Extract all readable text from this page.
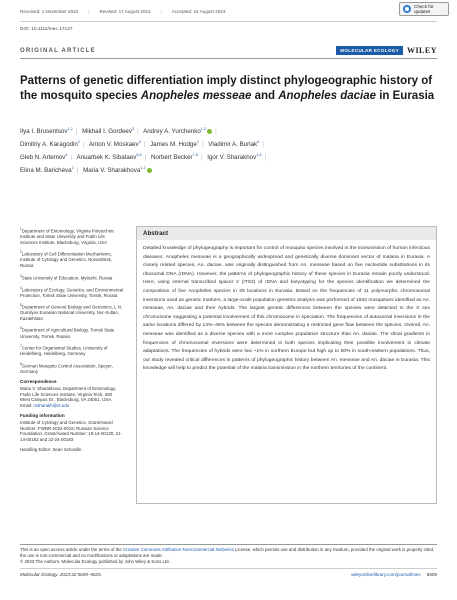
Received: 1 November 2022 | Revised: 17 August 2023 | Accepted: 24 August 2023
Check for updates
DOI: 10.1111/mec.17127
ORIGINAL ARTICLE	MOLECULAR ECOLOGY	WILEY
Patterns of genetic differentiation imply distinct phylogeographic history of the mosquito species Anopheles messeae and Anopheles daciae in Eurasia
Ilya I. Brusentsov$^{1,2}$ | Mikhail I. Gordeev$^3$ | Andrey A. Yurchenko$^{1,2}$ |
Dimitriy A. Karagodin$^2$ | Anton V. Moskaev$^3$ | James M. Hodge$^1$ | Vladimir A. Burlak$^4$ |
Gleb N. Artemov$^4$ | Anuarbek K. Sibataev$^{5,6}$ | Norbert Becker$^{7,8}$ | Igor V. Sharakhov$^{1,4}$ |
Elina M. Baricheva$^2$ | Maria V. Sharakhova$^{1,2}$
$^1$Department of Entomology, Virginia Polytechnic Institute and State University and Fralin Life Sciences Institute, Blacksburg, Virginia, USA
$^2$Laboratory of Cell Differentiation Mechanisms, Institute of Cytology and Genetics, Novosibirsk, Russia
$^3$State University of Education, Mytischi, Russia
$^4$Laboratory of Ecology, Genetics, and Environmental Protection, Tomsk State University, Tomsk, Russia
$^5$Department of General Biology and Genomics, L.N. Gumilyov Eurasian National University, Nur-Sultan, Kazakhstan
$^6$Department of Agricultural Biology, Tomsk State University, Tomsk, Russia
$^7$Center for Organismal Studies, University of Heidelberg, Heidelberg, Germany
$^8$German Mosquito Control Association, Speyer, Germany
Correspondence
Maria V. Sharakhova, Department of Entomology, Fralin Life Sciences Institute, Virginia Tech, 360 West Campus Dr., Blacksburg, VA 24061, USA.
Email: msharakh@vt.edu
Funding information
Institute of Cytology and Genetics, Grant/Award Number: FWNR-2022-0015; Russian Science Foundation, Grant/Award Number: 19-14-00130, 21-14-00182 and 22-24-00183
Handling Editor: Sean Schoville
Abstract
Detailed knowledge of phylogeography is important for control of mosquito species involved in the transmission of human infectious diseases. Anopheles messeae is a geographically widespread and genetically diverse dominant vector of malaria in Eurasia. A closely related species, An. daciae, was originally distinguished from An. messeae based on five nucleotide substitutions in its ribosomal DNA (rDNA). However, the patterns of phylogeographic history of these species in Eurasia remain poorly understood. Here, using internal transcribed spacer 2 (ITS2) of rDNA and karyotyping for the species identification we determined the composition of five Anopheles species in 28 locations in Eurasia. Based on the frequencies of 11 polymorphic chromosomal inversions used as genetic markers, a large-scale population genetics analysis was performed of 1932 mosquitoes identified as An. messeae, An. daciae and their hybrids. The largest genetic differences between the species were detected in the X sex chromosome suggesting a potential involvement of this chromosome in speciation. The frequencies of autosomal inversions in the same locations differed by 13%–45% between the species demonstrating a restricted gene flow between the species. Overall, An. messeae was identified as a diverse species with a more complex population structure than An. daciae. The clinal gradients in frequencies of chromosomal inversions were determined in both species implicating their possible involvement in climate adaptations. The frequencies of hybrids were low ~1% in northern Europe but high up to 50% in south-eastern populations. Thus, our study revealed critical differences in patterns of phylogeographic history between An. messeae and An. daciae in Eurasia. This knowledge will help to predict the potential of the malaria transmission in the northern territories of the continent.
This is an open access article under the terms of the Creative Commons Attribution-NonCommercial-NoDerivs License, which permits use and distribution in any medium, provided the original work is properly cited, the use is non-commercial and no modifications or adaptations are made.
© 2023 The Authors. Molecular Ecology published by John Wiley & Sons Ltd.
Molecular Ecology. 2023;32:5609–5625.	wileyonlinelibrary.com/journal/mec 5609
